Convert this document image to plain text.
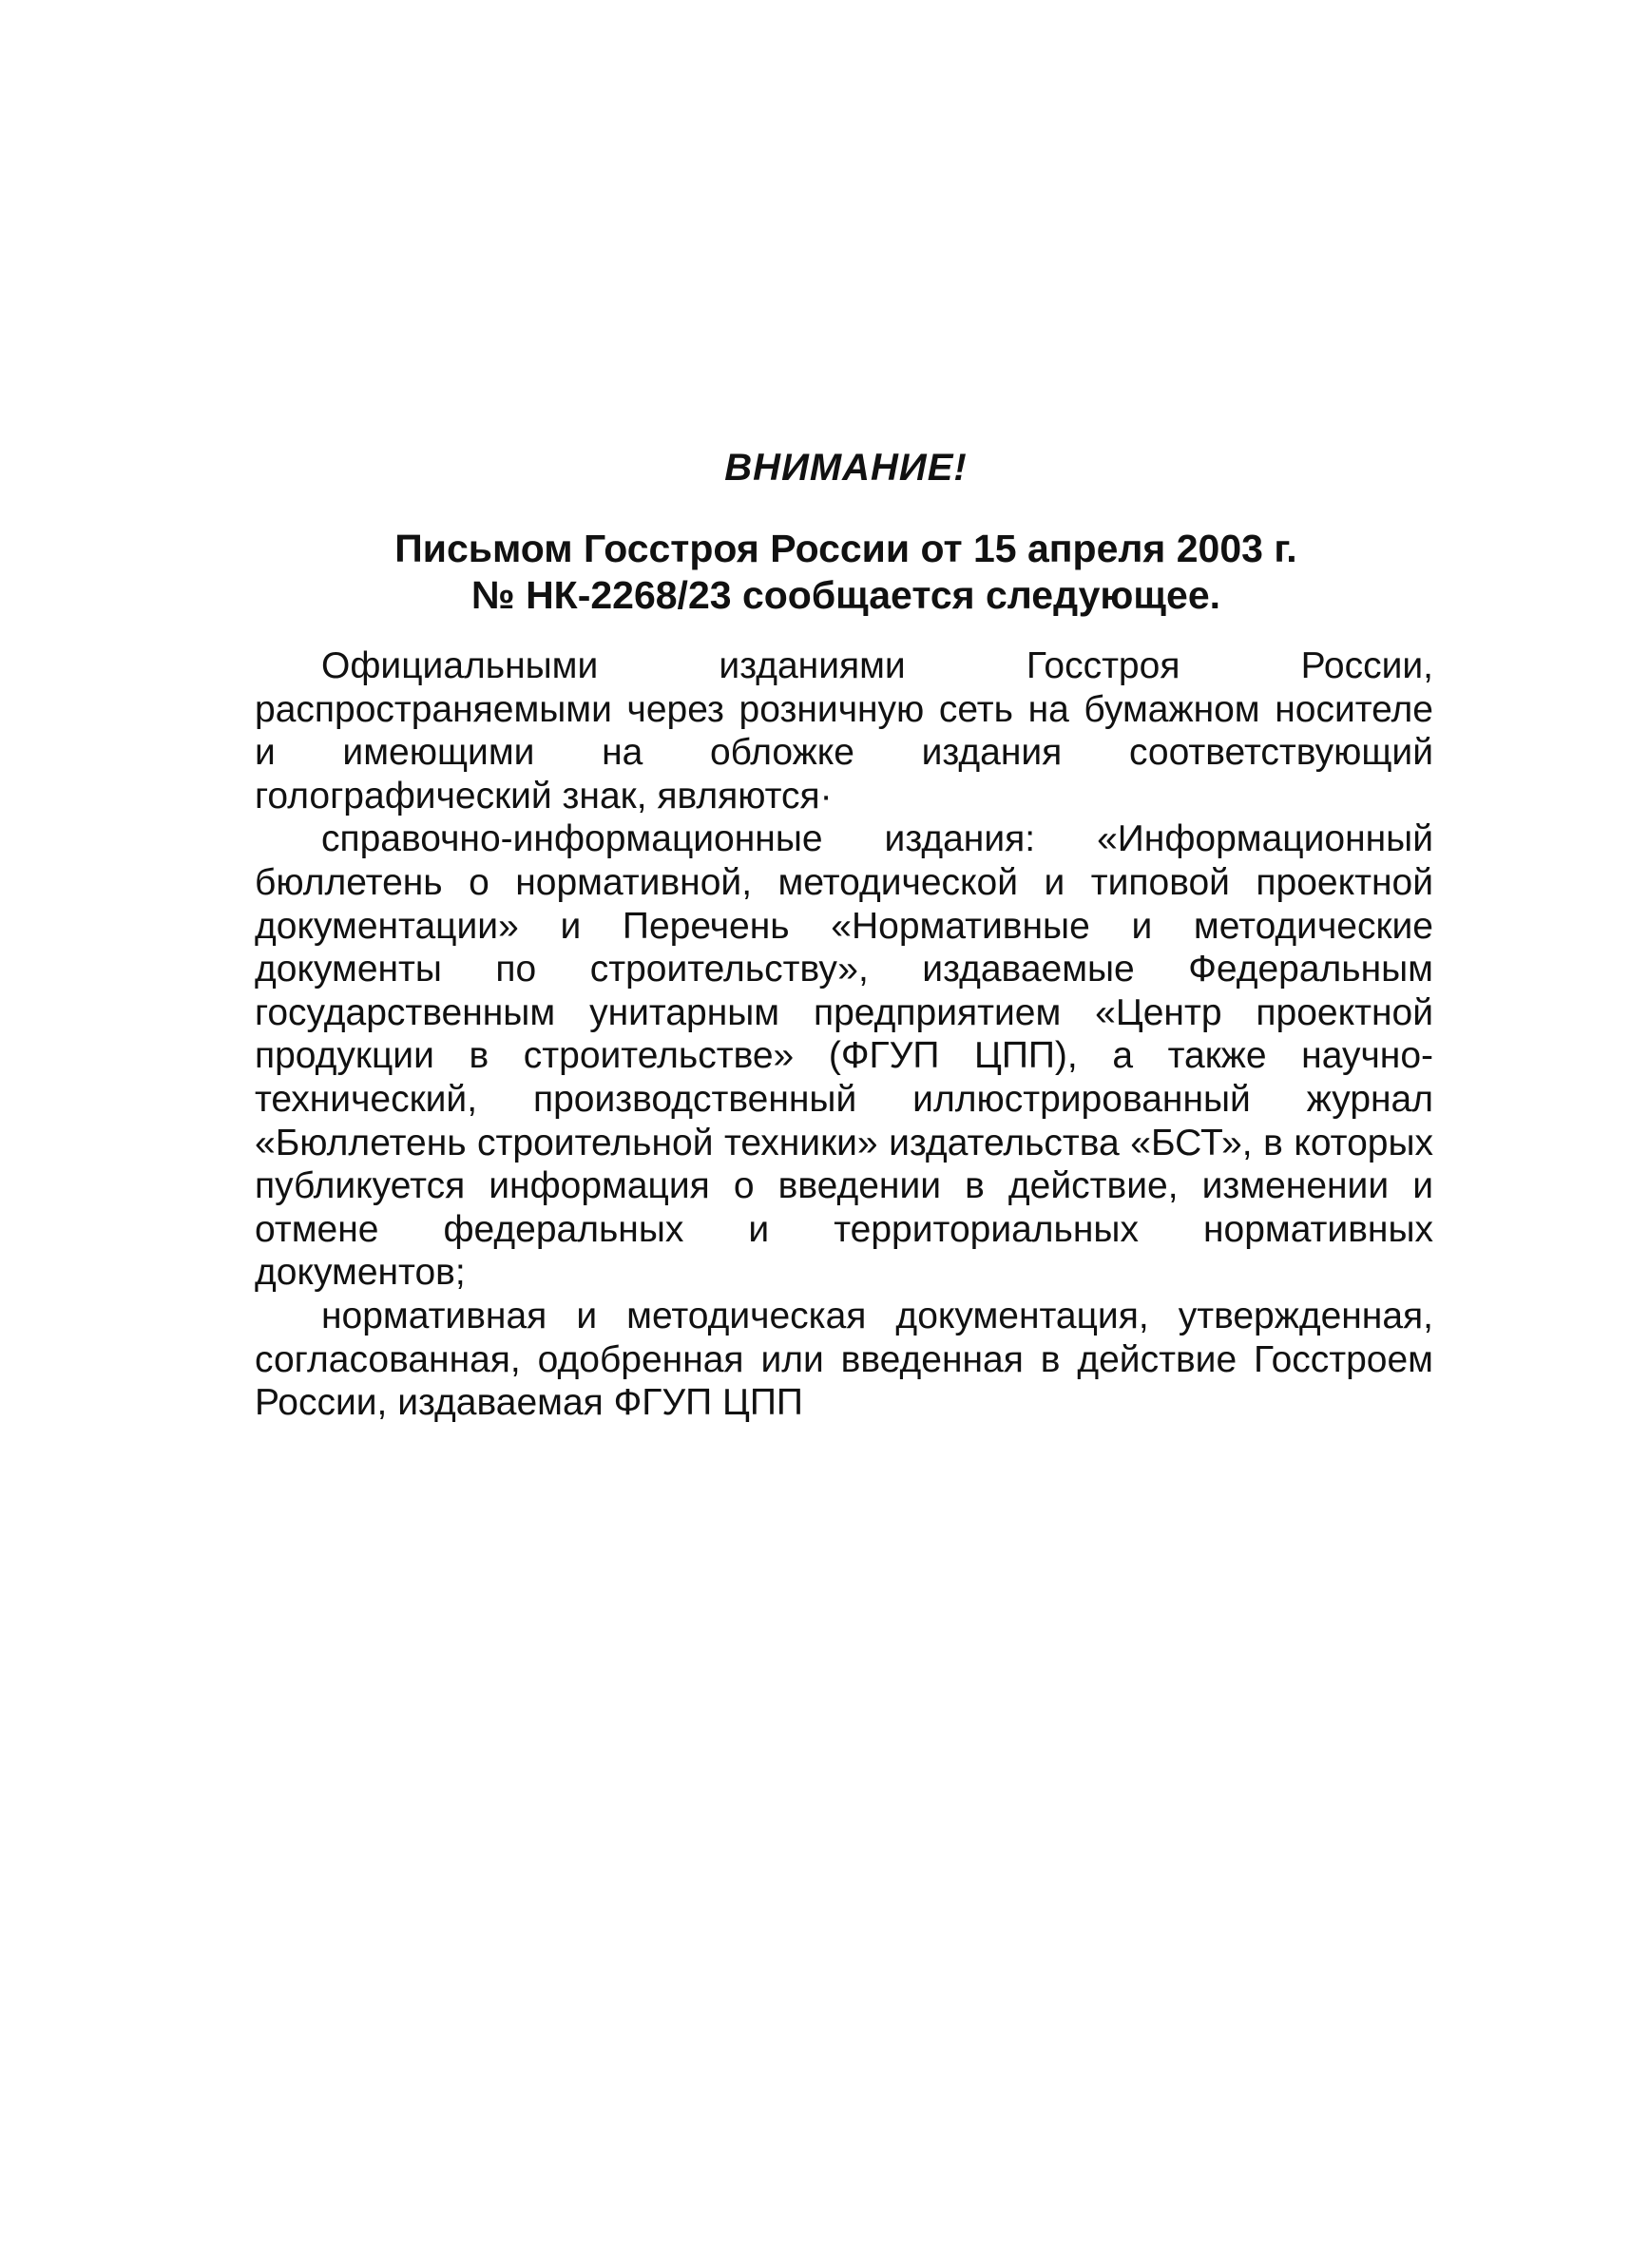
ВНИМАНИЕ!
Письмом Госстроя России от 15 апреля 2003 г.
№ НК-2268/23 сообщается следующее.

Официальными изданиями Госстроя России, распространяемыми через розничную сеть на бумажном носителе и имеющими на обложке издания соответствующий голографический знак, являются·

справочно-информационные издания: «Информационный бюллетень о нормативной, методической и типовой проектной документации» и Перечень «Нормативные и методические документы по строительству», издаваемые Федеральным государственным унитарным предприятием «Центр проектной продукции в строительстве» (ФГУП ЦПП), а также научно-технический, производственный иллюстрированный журнал «Бюллетень строительной техники» издательства «БСТ», в которых публикуется информация о введении в действие, изменении и отмене федеральных и территориальных нормативных документов;

нормативная и методическая документация, утвержденная, согласованная, одобренная или введенная в действие Госстроем России, издаваемая ФГУП ЦПП
